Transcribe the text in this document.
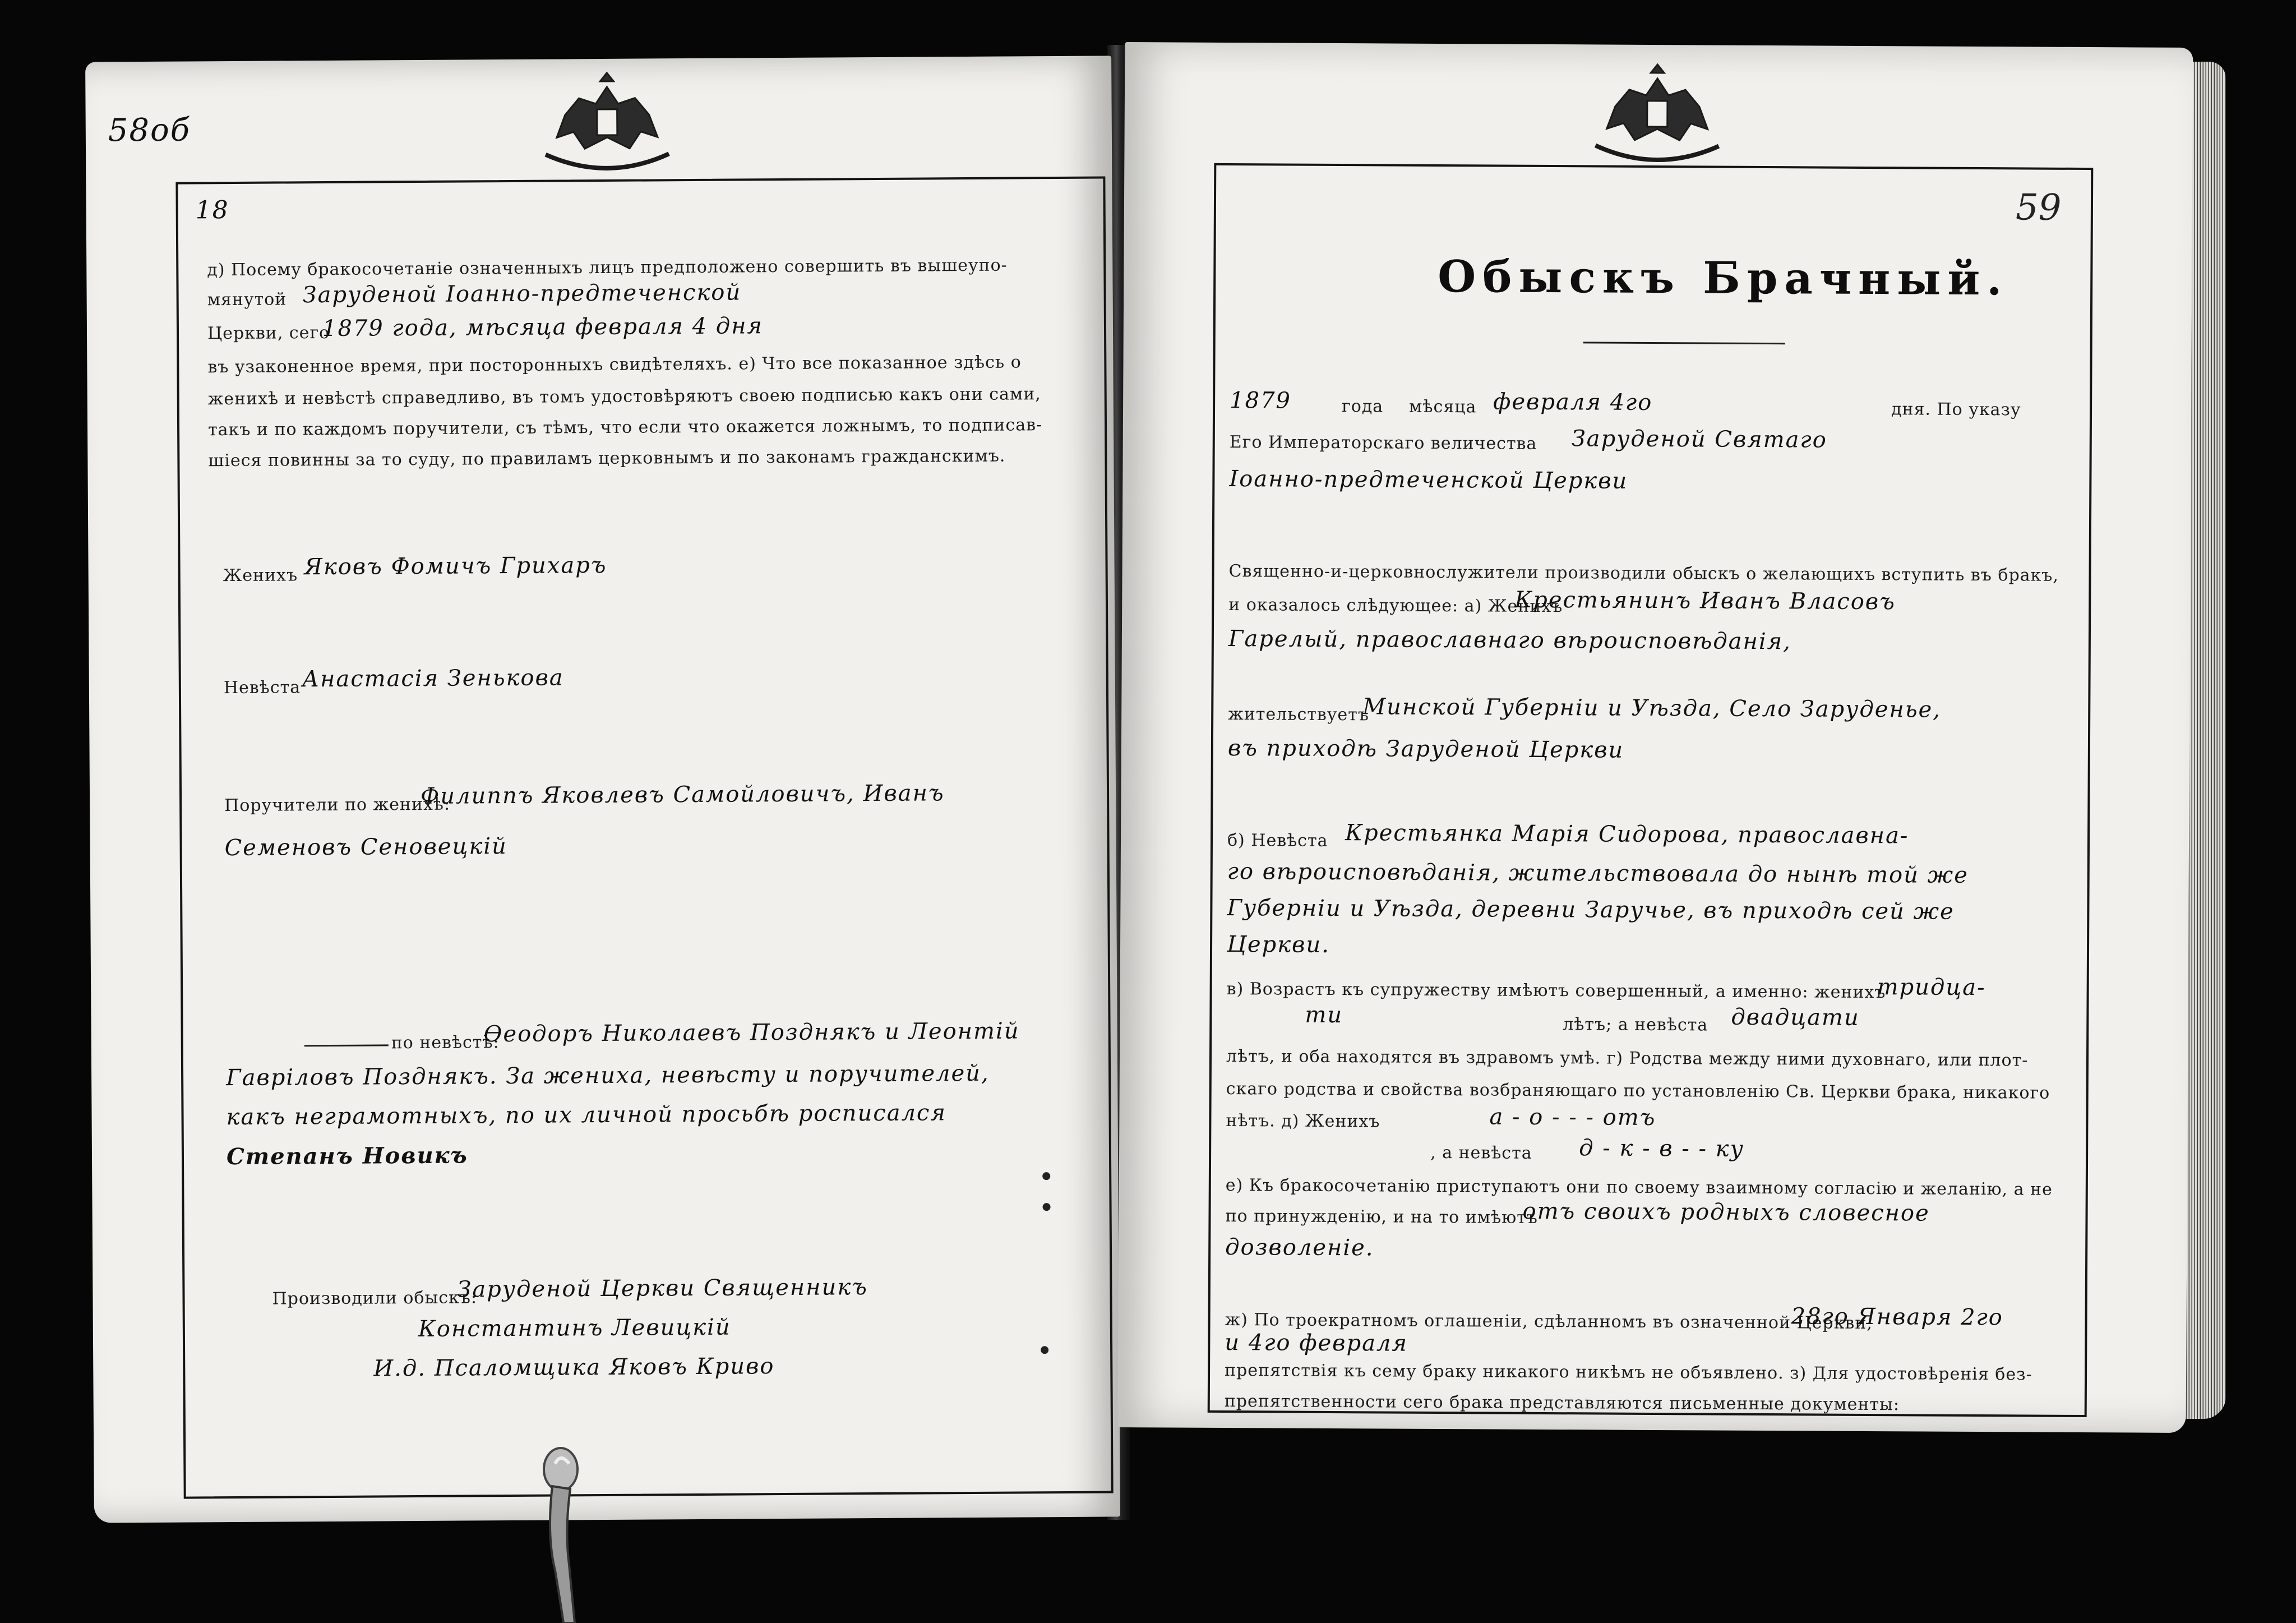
58об
18
д) Посему бракосочетанiе означенныхъ лицъ предположено совершить въ вышеупо-
мянутой Заруденой Iоанно-предтеченской
Церкви, сего
1879 года, мѣсяца февраля 4 дня
въ узаконенное время, при посторонныхъ свидѣтеляхъ. е) Что все показанное здѣсь о
женихѣ и невѣстѣ справедливо, въ томъ удостовѣряютъ своею подписью какъ они сами,
такъ и по каждомъ поручители, съ тѣмъ, что если что окажется ложнымъ, то подписав-
шiеся повинны за то суду, по правиламъ церковнымъ и по законамъ гражданскимъ.
Женихъ Яковъ Фомичъ Грихаръ
Невѣста Анастасiя Зенькова
Поручители по женихѣ:
Филиппъ Яковлевъ Самойловичъ, Иванъ
Семеновъ Сеновецкiй
по невѣстѣ:
Өеодоръ Николаевъ Позднякъ и Леонтiй
Гаврiловъ Позднякъ. За жениха, невѣсту и поручителей,
какъ неграмотныхъ, по их личной просьбѣ росписался
Степанъ Новикъ
Производили обыскъ:
Заруденой Церкви Священникъ
Константинъ Левицкiй
И.д. Псаломщика Яковъ Криво
59
Обыскъ Брачный.
1879	года мѣсяца февраля 4го	дня. По указу
Его Императорскаго величества Заруденой Святаго
Iоанно-предтеченской Церкви
Священно-и-церковнослужители производили обыскъ о желающихъ вступить въ бракъ,
и оказалось слѣдующее: а) Женихъ
Крестьянинъ Иванъ Власовъ
Гарелый, православнаго вѣроисповѣданiя,
жительствуетъ
Минской Губернiи и Уѣзда, Село Заруденье,
въ приходѣ Заруденой Церкви
б) Невѣста Крестьянка Марiя Сидорова, православна-
го вѣроисповѣданiя, жительствовала до нынѣ той же
Губернiи и Уѣзда, деревни Заручье, въ приходѣ сей же
Церкви.
в) Возрастъ къ супружеству имѣютъ совершенный, а именно: женихъ
тридца-
ти	лѣтъ; а невѣста двадцати
лѣтъ, и оба находятся въ здравомъ умѣ. г) Родства между ними духовнаго, или плот-
скаго родства и свойства возбраняющаго по установленiю Св. Церкви брака, никакого
нѣтъ. д) Женихъ	а - о - - - отъ
, а невѣста д - к - в - - ку
е) Къ бракосочетанiю приступаютъ они по своему взаимному согласiю и желанiю, а не
по принужденiю, и на то имѣютъ
отъ своихъ родныхъ словесное
дозволенiе.
ж) По троекратномъ оглашенiи, сдѣланномъ въ означенной Церкви,
28го Января 2го
и 4го февраля
препятствiя къ сему браку никакого никѣмъ не объявлено. з) Для удостовѣренiя без-
препятственности сего брака представляются письменные документы:
